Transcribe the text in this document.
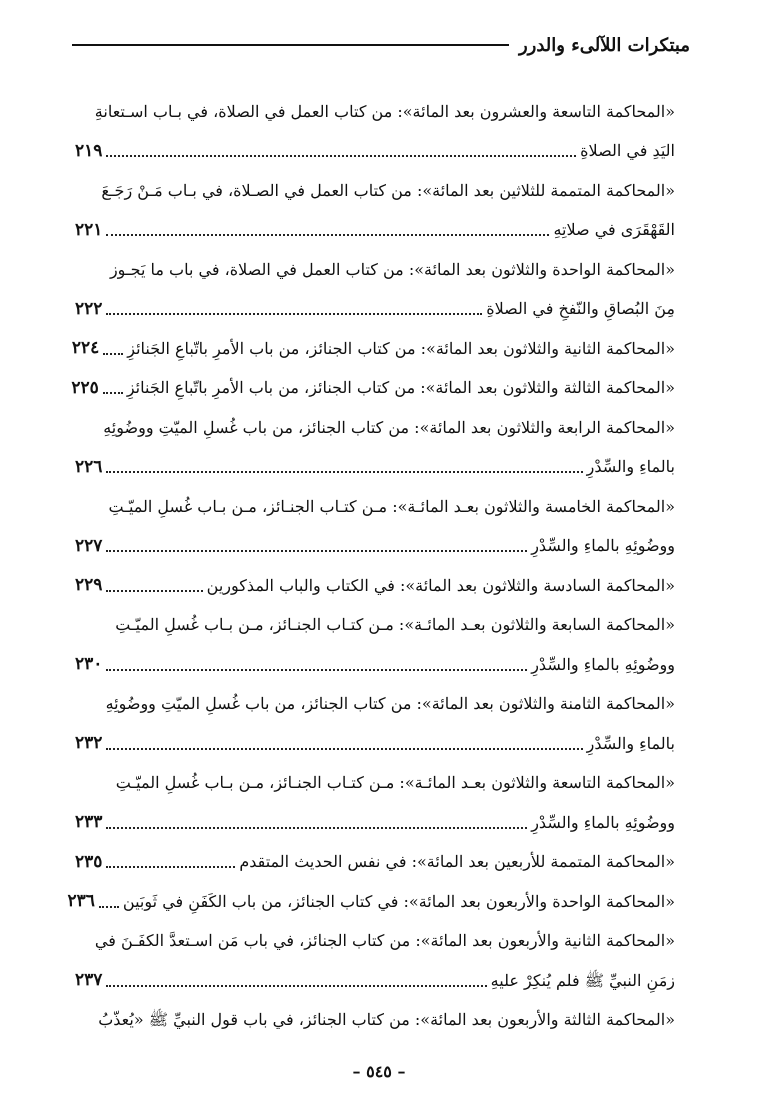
مبتكرات اللآلىء والدرر
«المحاكمة التاسعة والعشرون بعد المائة»: من كتاب العمل في الصلاة، في بـاب اسـتعانةِ
اليَدِ في الصلاةِ
٢١٩
«المحاكمة المتممة للثلاثين بعد المائة»: من كتاب العمل في الصـلاة، في بـاب مَـنْ رَجَـعَ
القَهْقَرَى في صلاتِهِ
٢٢١
«المحاكمة الواحدة والثلاثون بعد المائة»: من كتاب العمل في الصلاة، في باب ما يَجـوز
مِنَ البُصاقِ والنّفخِ في الصلاةِ
٢٢٢
«المحاكمة الثانية والثلاثون بعد المائة»: من كتاب الجنائز، من باب الأمرِ باتّباعِ الجَنائزِ
٢٢٤
«المحاكمة الثالثة والثلاثون بعد المائة»: من كتاب الجنائز، من باب الأمرِ باتّباعِ الجَنائزِ
٢٢٥
«المحاكمة الرابعة والثلاثون بعد المائة»: من كتاب الجنائز، من باب غُسلِ الميّتِ ووضُوئِهِ
بالماءِ والسِّدْرِ
٢٢٦
«المحاكمة الخامسة والثلاثون بعـد المائـة»: مـن كتـاب الجنـائز، مـن بـاب غُسلِ الميّـتِ
ووضُوئِهِ بالماءِ والسِّدْرِ
٢٢٧
«المحاكمة السادسة والثلاثون بعد المائة»: في الكتاب والباب المذكورين
٢٢٩
«المحاكمة السابعة والثلاثون بعـد المائـة»: مـن كتـاب الجنـائز، مـن بـاب غُسلِ الميّـتِ
ووضُوئِهِ بالماءِ والسِّدْرِ
٢٣٠
«المحاكمة الثامنة والثلاثون بعد المائة»: من كتاب الجنائز، من باب غُسلِ الميّتِ ووضُوئِهِ
بالماءِ والسِّدْرِ
٢٣٢
«المحاكمة التاسعة والثلاثون بعـد المائـة»: مـن كتـاب الجنـائز، مـن بـاب غُسلِ الميّـتِ
ووضُوئِهِ بالماءِ والسِّدْرِ
٢٣٣
«المحاكمة المتممة للأربعين بعد المائة»: في نفس الحديث المتقدم
٢٣٥
«المحاكمة الواحدة والأربعون بعد المائة»: في كتاب الجنائز، من باب الكَفَنِ في ثَوبَين
٢٣٦
«المحاكمة الثانية والأربعون بعد المائة»: من كتاب الجنائز، في باب مَن اسـتعدَّ الكفَـنَ في
زمَنِ النبيِّ ﷺ فلم يُنكِرْ عليهِ
٢٣٧
«المحاكمة الثالثة والأربعون بعد المائة»: من كتاب الجنائز، في باب قول النبيِّ ﷺ «يُعذّبُ
– ٥٤٥ –
